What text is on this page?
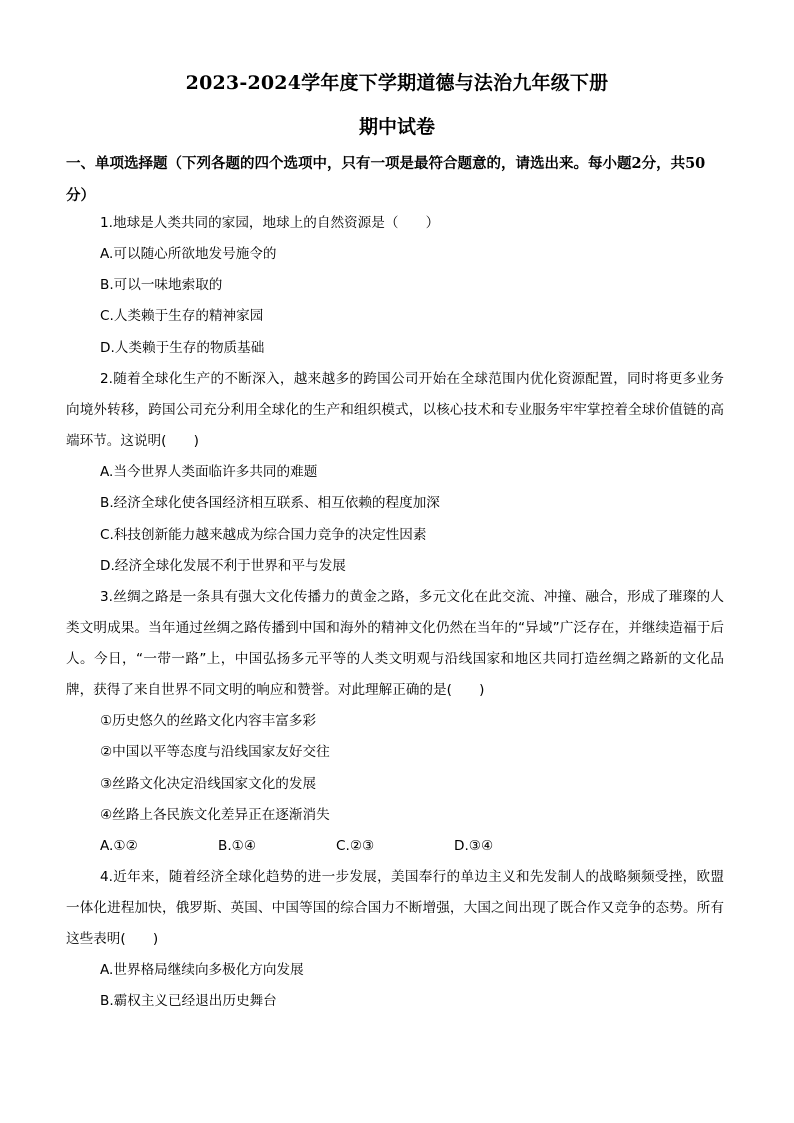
2023-2024学年度下学期道德与法治九年级下册
期中试卷
一、单项选择题（下列各题的四个选项中，只有一项是最符合题意的，请选出来。每小题2分，共50分）
1.地球是人类共同的家园，地球上的自然资源是（　　）
A.可以随心所欲地发号施令的
B.可以一味地索取的
C.人类赖于生存的精神家园
D.人类赖于生存的物质基础
2.随着全球化生产的不断深入，越来越多的跨国公司开始在全球范围内优化资源配置，同时将更多业务向境外转移，跨国公司充分利用全球化的生产和组织模式，以核心技术和专业服务牢牢掌控着全球价值链的高端环节。这说明(　　)
A.当今世界人类面临许多共同的难题
B.经济全球化使各国经济相互联系、相互依赖的程度加深
C.科技创新能力越来越成为综合国力竞争的决定性因素
D.经济全球化发展不利于世界和平与发展
3.丝绸之路是一条具有强大文化传播力的黄金之路，多元文化在此交流、冲撞、融合，形成了璀璨的人类文明成果。当年通过丝绸之路传播到中国和海外的精神文化仍然在当年的“异域”广泛存在，并继续造福于后人。今日，“一带一路”上，中国弘扬多元平等的人类文明观与沿线国家和地区共同打造丝绸之路新的文化品牌，获得了来自世界不同文明的响应和赞誉。对此理解正确的是(　　)
①历史悠久的丝路文化内容丰富多彩
②中国以平等态度与沿线国家友好交往
③丝路文化决定沿线国家文化的发展
④丝路上各民族文化差异正在逐渐消失
A.①②	B.①④	C.②③	D.③④
4.近年来，随着经济全球化趋势的进一步发展，美国奉行的单边主义和先发制人的战略频频受挫，欧盟一体化进程加快，俄罗斯、英国、中国等国的综合国力不断增强，大国之间出现了既合作又竞争的态势。所有这些表明(　　)
A.世界格局继续向多极化方向发展
B.霸权主义已经退出历史舞台
